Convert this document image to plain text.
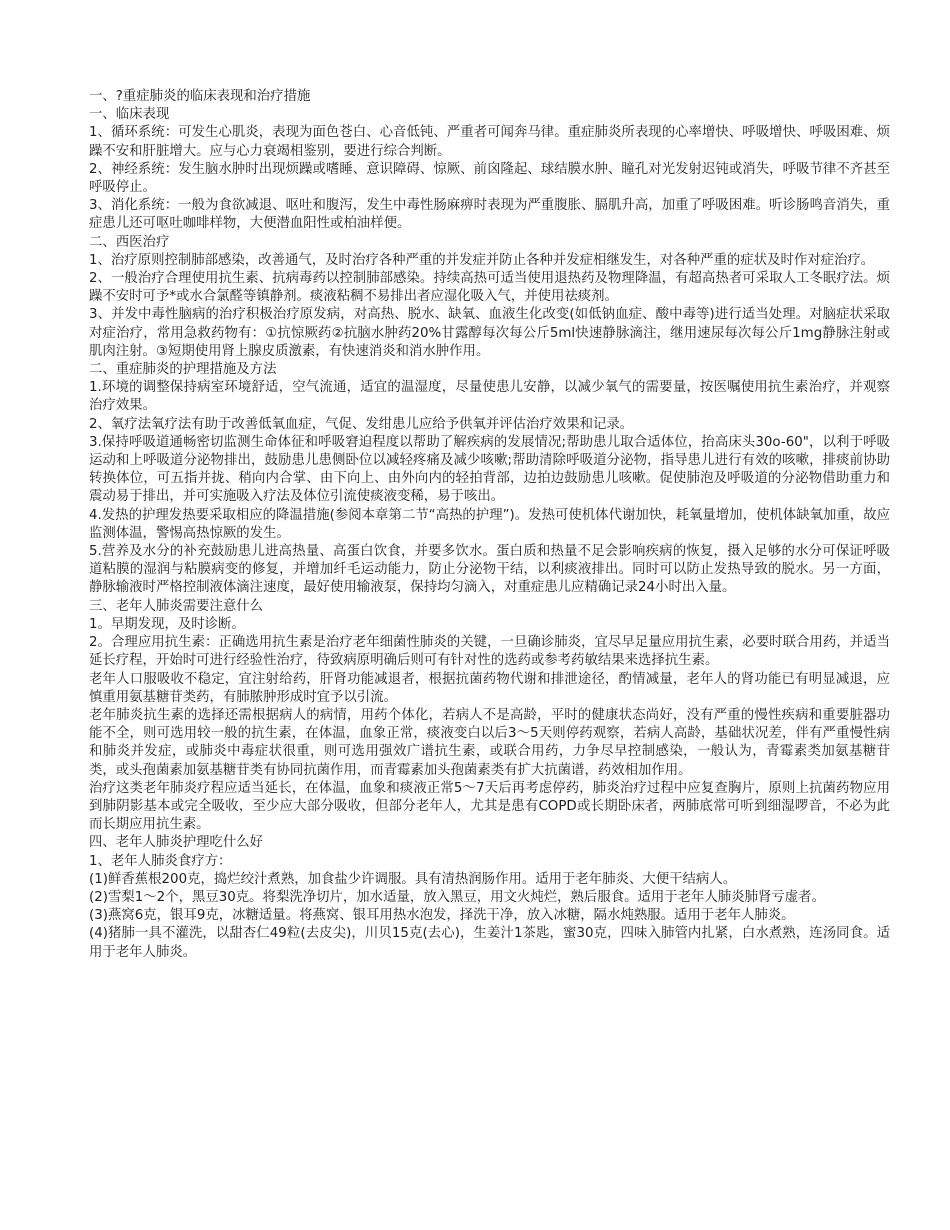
一、?重症肺炎的临床表现和治疗措施
一、临床表现
1、循环系统：可发生心肌炎，表现为面色苍白、心音低钝、严重者可闻奔马律。重症肺炎所表现的心率增快、呼吸增快、呼吸困难、烦躁不安和肝脏增大。应与心力衰竭相鉴别，要进行综合判断。
2、神经系统：发生脑水肿时出现烦躁或嗜睡、意识障碍、惊厥、前囟隆起、球结膜水肿、瞳孔对光发射迟钝或消失，呼吸节律不齐甚至呼吸停止。
3、消化系统：一般为食欲减退、呕吐和腹泻，发生中毒性肠麻痹时表现为严重腹胀、膈肌升高，加重了呼吸困难。听诊肠鸣音消失，重症患儿还可呕吐咖啡样物，大便潜血阳性或柏油样便。
二、西医治疗
1、治疗原则控制肺部感染，改善通气，及时治疗各种严重的并发症并防止各种并发症相继发生，对各种严重的症状及时作对症治疗。
2、一般治疗合理使用抗生素、抗病毒药以控制肺部感染。持续高热可适当使用退热药及物理降温，有超高热者可采取人工冬眠疗法。烦躁不安时可予*或水合氯醛等镇静剂。痰液粘稠不易排出者应湿化吸入气，并使用祛痰剂。
3、并发中毒性脑病的治疗积极治疗原发病，对高热、脱水、缺氧、血液生化改变(如低钠血症、酸中毒等)进行适当处理。对脑症状采取对症治疗，常用急救药物有：①抗惊厥药②抗脑水肿药20%甘露醇每次每公斤5ml快速静脉滴注，继用速尿每次每公斤1mg静脉注射或肌肉注射。③短期使用肾上腺皮质激素，有快速消炎和消水肿作用。
二、重症肺炎的护理措施及方法
1.环境的调整保持病室环境舒适，空气流通，适宜的温湿度，尽量使患儿安静，以减少氧气的需要量，按医嘱使用抗生素治疗，并观察治疗效果。
2、氧疗法氧疗法有助于改善低氧血症，气促、发绀患儿应给予供氧并评估治疗效果和记录。
3.保持呼吸道通畅密切监测生命体征和呼吸窘迫程度以帮助了解疾病的发展情况;帮助患儿取合适体位，抬高床头30o-60"，以利于呼吸运动和上呼吸道分泌物排出，鼓励患儿患侧卧位以减轻疼痛及减少咳嗽;帮助清除呼吸道分泌物，指导患儿进行有效的咳嗽，排痰前协助转换体位，可五指并拢、稍向内合掌、由下向上、由外向内的轻拍背部，边拍边鼓励患儿咳嗽。促使肺泡及呼吸道的分泌物借助重力和震动易于排出，并可实施吸入疗法及体位引流使痰液变稀，易于咳出。
4.发热的护理发热要采取相应的降温措施(参阅本章第二节“高热的护理”)。发热可使机体代谢加快，耗氧量增加，使机体缺氧加重，故应监测体温，警惕高热惊厥的发生。
5.营养及水分的补充鼓励患儿进高热量、高蛋白饮食，并要多饮水。蛋白质和热量不足会影响疾病的恢复，摄入足够的水分可保证呼吸道粘膜的湿润与粘膜病变的修复，并增加纤毛运动能力，防止分泌物干结，以利痰液排出。同时可以防止发热导致的脱水。另一方面，静脉输液时严格控制液体滴注速度，最好使用输液泵，保持均匀滴入，对重症患儿应精确记录24小时出入量。
三、老年人肺炎需要注意什么
1。早期发现，及时诊断。
2。合理应用抗生素：正确选用抗生素是治疗老年细菌性肺炎的关键，一旦确诊肺炎，宜尽早足量应用抗生素，必要时联合用药，并适当延长疗程，开始时可进行经验性治疗，待致病原明确后则可有针对性的选药或参考药敏结果来选择抗生素。
老年人口服吸收不稳定，宜注射给药，肝肾功能减退者，根据抗菌药物代谢和排泄途径，酌情减量，老年人的肾功能已有明显减退，应慎重用氨基糖苷类药，有肺脓肿形成时宜予以引流。
老年肺炎抗生素的选择还需根据病人的病情，用药个体化，若病人不是高龄，平时的健康状态尚好，没有严重的慢性疾病和重要脏器功能不全，则可选用较一般的抗生素，在体温，血象正常，痰液变白以后3～5天则停药观察，若病人高龄，基础状况差，伴有严重慢性病和肺炎并发症，或肺炎中毒症状很重，则可选用强效广谱抗生素，或联合用药，力争尽早控制感染，一般认为，青霉素类加氨基糖苷类，或头孢菌素加氨基糖苷类有协同抗菌作用，而青霉素加头孢菌素类有扩大抗菌谱，药效相加作用。
治疗这类老年肺炎疗程应适当延长，在体温，血象和痰液正常5～7天后再考虑停药，肺炎治疗过程中应复查胸片，原则上抗菌药物应用到肺阴影基本或完全吸收，至少应大部分吸收，但部分老年人，尤其是患有COPD或长期卧床者，两肺底常可听到细湿啰音，不必为此而长期应用抗生素。
四、老年人肺炎护理吃什么好
1、老年人肺炎食疗方：
(1)鲜香蕉根200克，捣烂绞汁煮熟，加食盐少许调服。具有清热润肠作用。适用于老年肺炎、大便干结病人。
(2)雪梨1～2个，黑豆30克。将梨洗净切片，加水适量，放入黑豆，用文火炖烂，熟后服食。适用于老年人肺炎肺肾亏虚者。
(3)燕窝6克，银耳9克，冰糖适量。将燕窝、银耳用热水泡发，择洗干净，放入冰糖，隔水炖熟服。适用于老年人肺炎。
(4)猪肺一具不灌洗，以甜杏仁49粒(去皮尖)，川贝15克(去心)，生姜汁1茶匙，蜜30克，四味入肺管内扎紧，白水煮熟，连汤同食。适用于老年人肺炎。
